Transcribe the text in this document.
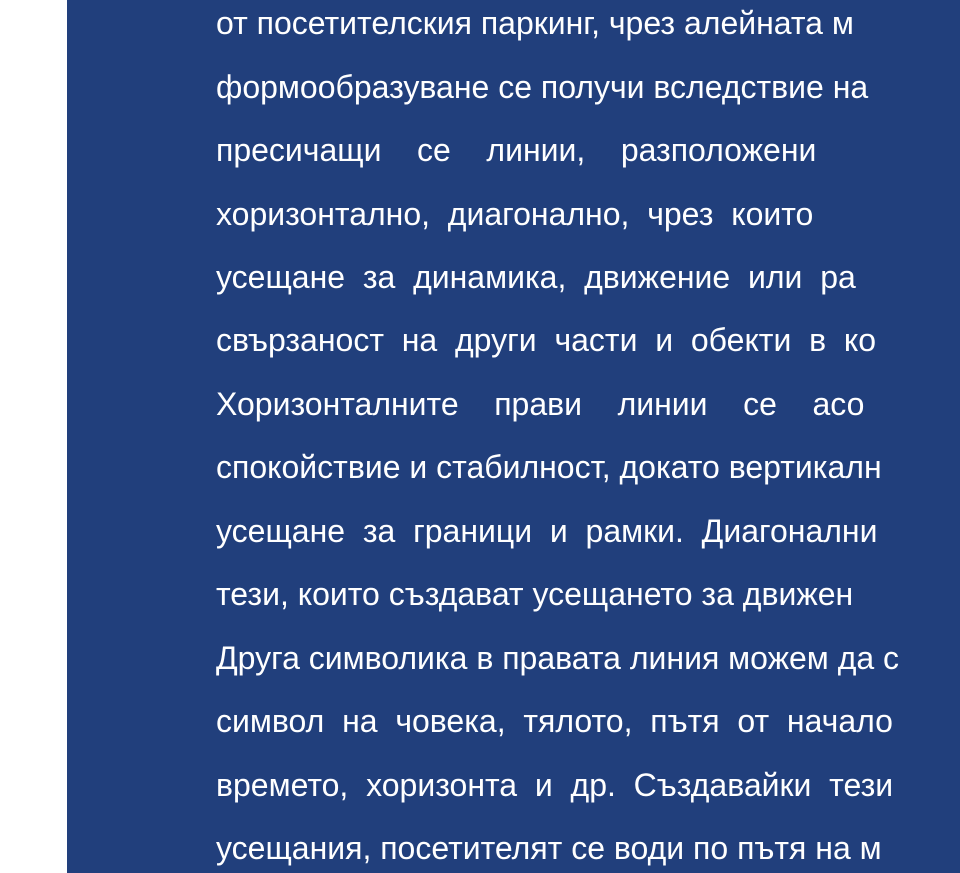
от посетителския паркинг, чрез алейната м
формообразуване се получи вследствие на
пресичащи    се    линии,    разположени
хоризонтално,  диагонално,  чрез  които
усещане  за  динамика,  движение  или  ра
свързаност  на  други  части  и  обекти  в  ко
Хоризонталните    прави    линии    се    асо
спокойствие и стабилност, докато вертикалн
усещане  за  граници  и  рамки.  Диагонални
тези, които създават усещането за движен
Друга символика в правата линия можем да с
символ  на  човека,  тялото,  пътя  от  начало
времето,  хоризонта  и  др.  Създавайки  тези
усещания, посетителят се води по пътя на м
